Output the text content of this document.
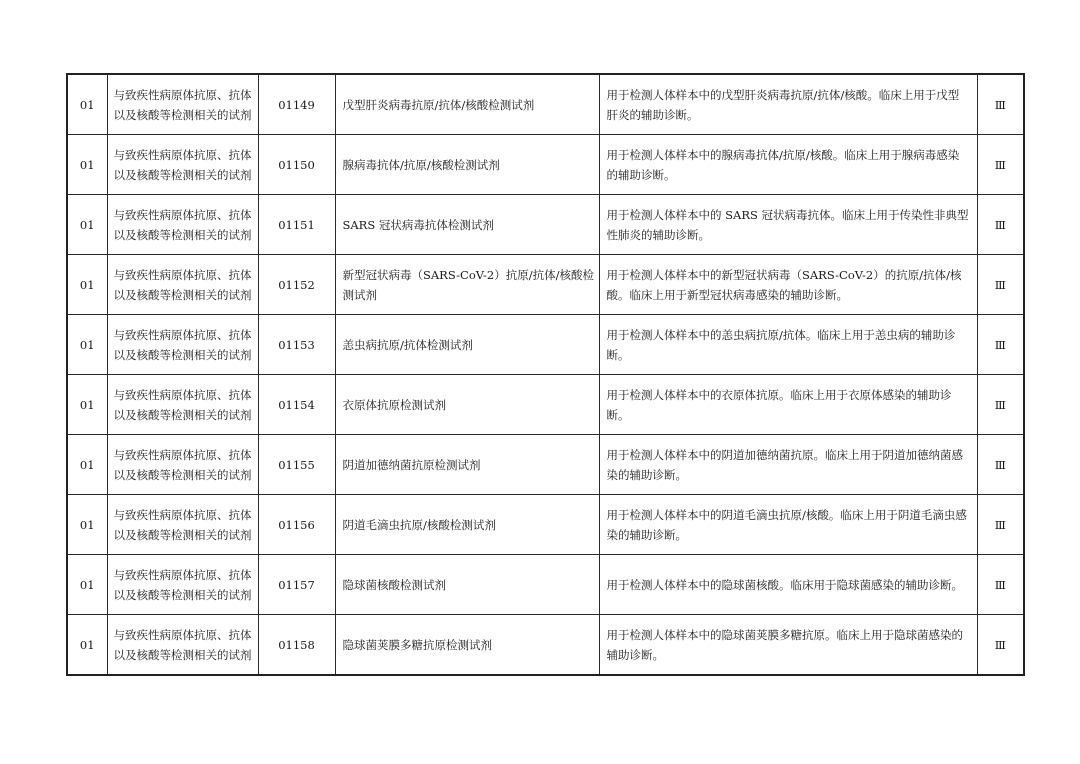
01	与致疾性病原体抗原、抗体以及核酸等检测相关的试剂	01149	戊型肝炎病毒抗原/抗体/核酸检测试剂	用于检测人体样本中的戊型肝炎病毒抗原/抗体/核酸。临床上用于戊型肝炎的辅助诊断。	Ⅲ
01	与致疾性病原体抗原、抗体以及核酸等检测相关的试剂	01150	腺病毒抗体/抗原/核酸检测试剂	用于检测人体样本中的腺病毒抗体/抗原/核酸。临床上用于腺病毒感染的辅助诊断。	Ⅲ
01	与致疾性病原体抗原、抗体以及核酸等检测相关的试剂	01151	SARS 冠状病毒抗体检测试剂	用于检测人体样本中的 SARS 冠状病毒抗体。临床上用于传染性非典型性肺炎的辅助诊断。	Ⅲ
01	与致疾性病原体抗原、抗体以及核酸等检测相关的试剂	01152	新型冠状病毒（SARS-CoV-2）抗原/抗体/核酸检测试剂	用于检测人体样本中的新型冠状病毒（SARS-CoV-2）的抗原/抗体/核酸。临床上用于新型冠状病毒感染的辅助诊断。	Ⅲ
01	与致疾性病原体抗原、抗体以及核酸等检测相关的试剂	01153	恙虫病抗原/抗体检测试剂	用于检测人体样本中的恙虫病抗原/抗体。临床上用于恙虫病的辅助诊断。	Ⅲ
01	与致疾性病原体抗原、抗体以及核酸等检测相关的试剂	01154	衣原体抗原检测试剂	用于检测人体样本中的衣原体抗原。临床上用于衣原体感染的辅助诊断。	Ⅲ
01	与致疾性病原体抗原、抗体以及核酸等检测相关的试剂	01155	阴道加德纳菌抗原检测试剂	用于检测人体样本中的阴道加德纳菌抗原。临床上用于阴道加德纳菌感染的辅助诊断。	Ⅲ
01	与致疾性病原体抗原、抗体以及核酸等检测相关的试剂	01156	阴道毛滴虫抗原/核酸检测试剂	用于检测人体样本中的阴道毛滴虫抗原/核酸。临床上用于阴道毛滴虫感染的辅助诊断。	Ⅲ
01	与致疾性病原体抗原、抗体以及核酸等检测相关的试剂	01157	隐球菌核酸检测试剂	用于检测人体样本中的隐球菌核酸。临床用于隐球菌感染的辅助诊断。	Ⅲ
01	与致疾性病原体抗原、抗体以及核酸等检测相关的试剂	01158	隐球菌荚膜多糖抗原检测试剂	用于检测人体样本中的隐球菌荚膜多糖抗原。临床上用于隐球菌感染的辅助诊断。	Ⅲ
